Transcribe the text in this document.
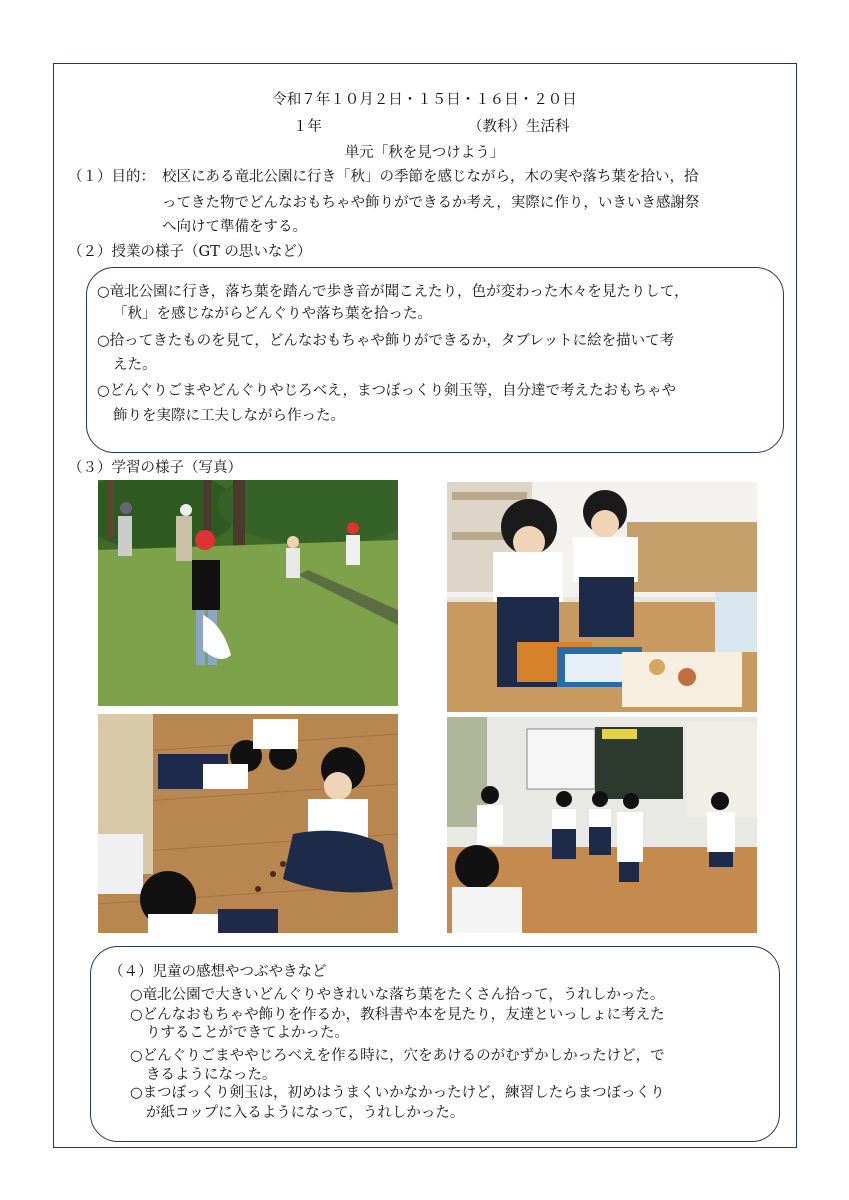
令和７年１０月２日・１５日・１６日・２０日
１年	（教科）生活科
単元「秋を見つけよう」
（１）目的： 校区にある竜北公園に行き「秋」の季節を感じながら，木の実や落ち葉を拾い，拾
ってきた物でどんなおもちゃや飾りができるか考え，実際に作り，いきいき感謝祭
へ向けて準備をする。
（２）授業の様子（GT の思いなど）
○竜北公園に行き，落ち葉を踏んで歩き音が聞こえたり，色が変わった木々を見たりして，
「秋」を感じながらどんぐりや落ち葉を拾った。
○拾ってきたものを見て，どんなおもちゃや飾りができるか，タブレットに絵を描いて考
えた。
○どんぐりごまやどんぐりやじろべえ，まつぼっくり剣玉等，自分達で考えたおもちゃや
飾りを実際に工夫しながら作った。
（３）学習の様子（写真）
（４）児童の感想やつぶやきなど
○竜北公園で大きいどんぐりやきれいな落ち葉をたくさん拾って，うれしかった。
○どんなおもちゃや飾りを作るか，教科書や本を見たり，友達といっしょに考えた
りすることができてよかった。
○どんぐりごまややじろべえを作る時に，穴をあけるのがむずかしかったけど，で
きるようになった。
○まつぼっくり剣玉は，初めはうまくいかなかったけど，練習したらまつぼっくり
が紙コップに入るようになって，うれしかった。
